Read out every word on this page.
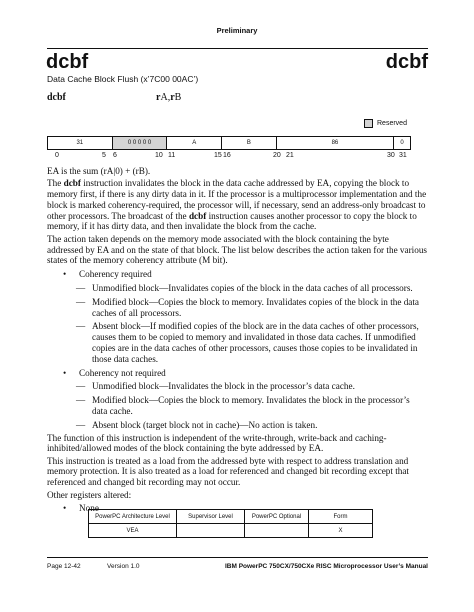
Preliminary
dcbf	dcbf
Data Cache Block Flush (x’7C00 00AC’)
dcbf	rA,rB
Reserved
31	0 0 0 0 0	A	B	86	0
0	5 6	10 11	15 16	20 21	30 31

EA is the sum (rA|0) + (rB).

The dcbf instruction invalidates the block in the data cache addressed by EA, copying the block to memory first, if there is any dirty data in it. If the processor is a multiprocessor implementation and the block is marked coherency-required, the processor will, if necessary, send an address-only broadcast to other processors. The broadcast of the dcbf instruction causes another processor to copy the block to memory, if it has dirty data, and then invalidate the block from the cache.

The action taken depends on the memory mode associated with the block containing the byte addressed by EA and on the state of that block. The list below describes the action taken for the various states of the memory coherency attribute (M bit).

•	Coherency required
— Unmodified block—Invalidates copies of the block in the data caches of all processors.
— Modified block—Copies the block to memory. Invalidates copies of the block in the data caches of all processors.
— Absent block—If modified copies of the block are in the data caches of other processors, causes them to be copied to memory and invalidated in those data caches. If unmodified copies are in the data caches of other processors, causes those copies to be invalidated in those data caches.
•	Coherency not required
— Unmodified block—Invalidates the block in the processor’s data cache.
— Modified block—Copies the block to memory. Invalidates the block in the processor’s data cache.
— Absent block (target block not in cache)—No action is taken.

The function of this instruction is independent of the write-through, write-back and caching-inhibited/allowed modes of the block containing the byte addressed by EA.

This instruction is treated as a load from the addressed byte with respect to address translation and memory protection. It is also treated as a load for referenced and changed bit recording except that referenced and changed bit recording may not occur.

Other registers altered:

•	None
PowerPC Architecture Level	Supervisor Level	PowerPC Optional	Form
VEA			X
Page 12-42	Version 1.0	IBM PowerPC 750CX/750CXe RISC Microprocessor User’s Manual
